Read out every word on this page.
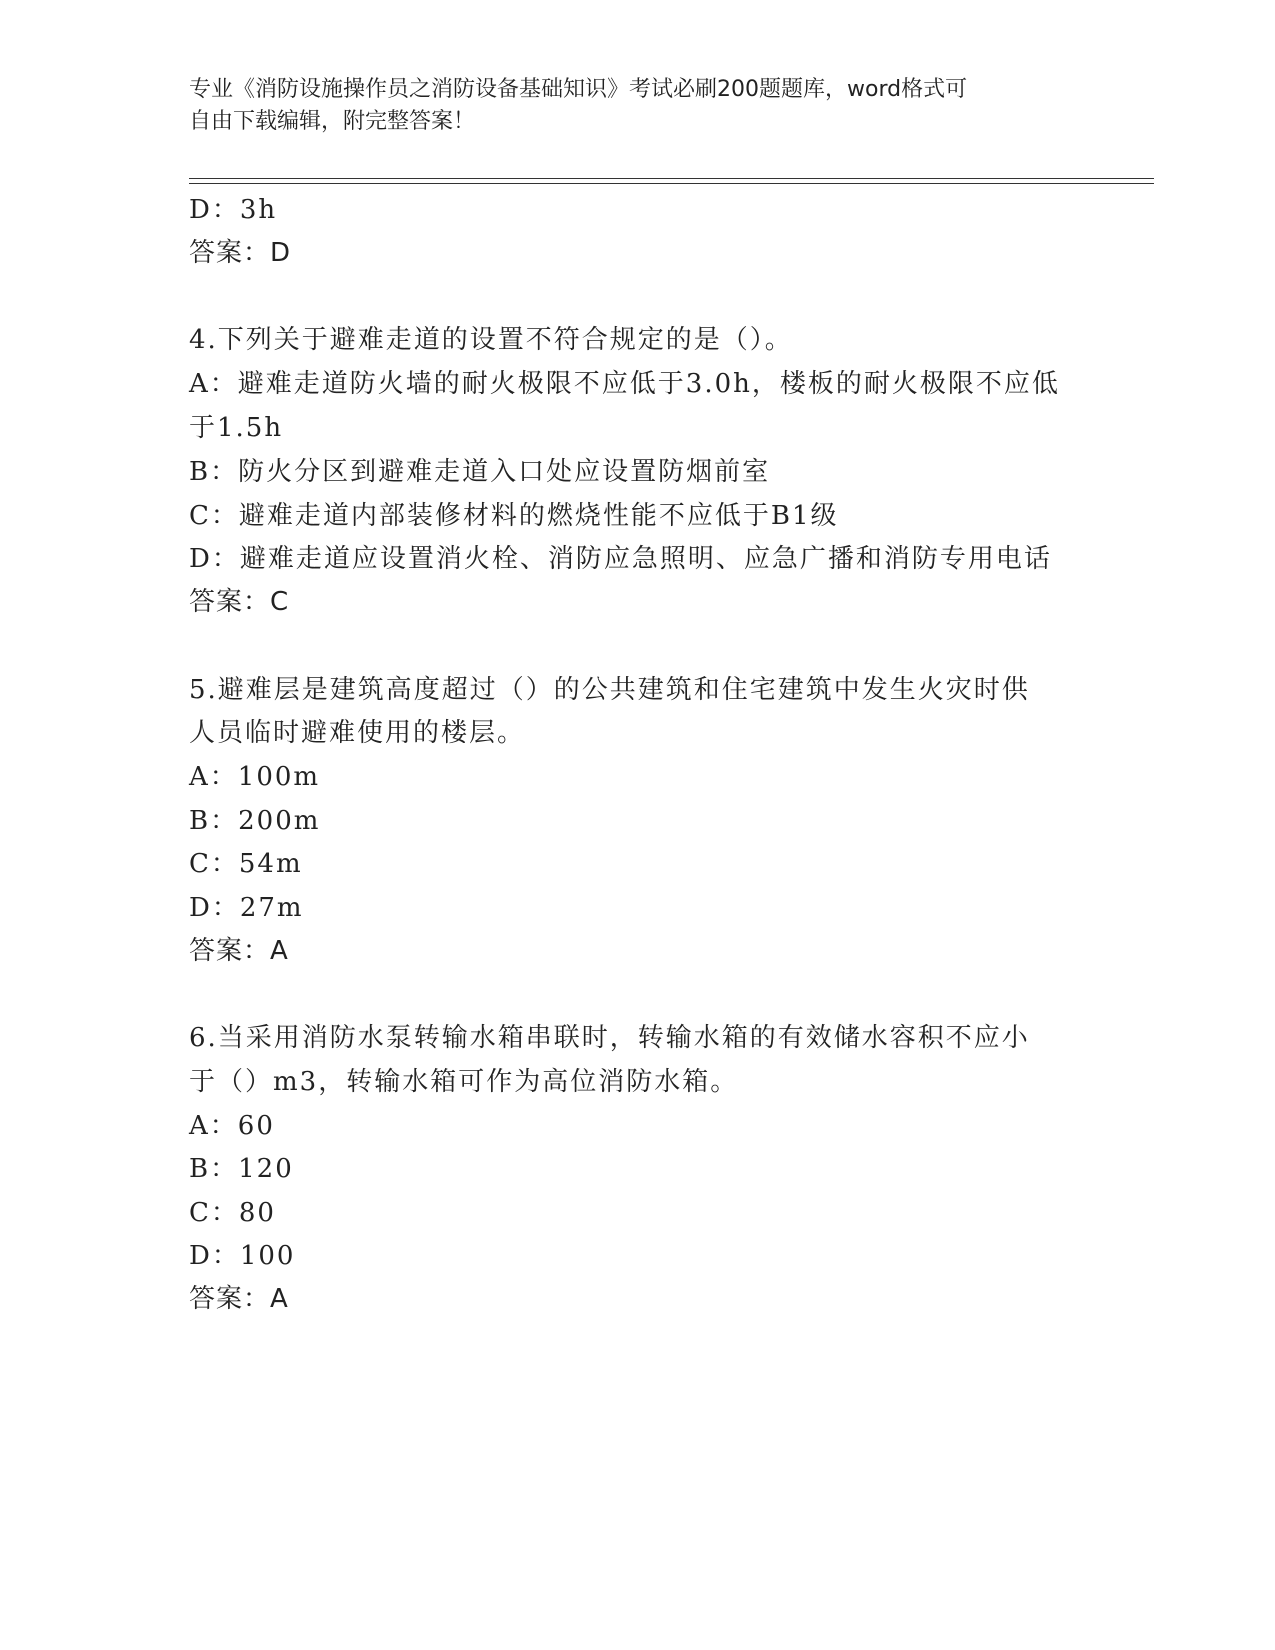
专业《消防设施操作员之消防设备基础知识》考试必刷200题题库，word格式可
自由下载编辑，附完整答案！
D：3h
答案：D
4.下列关于避难走道的设置不符合规定的是（）。
A：避难走道防火墙的耐火极限不应低于3.0h，楼板的耐火极限不应低
于1.5h
B：防火分区到避难走道入口处应设置防烟前室
C：避难走道内部装修材料的燃烧性能不应低于B1级
D：避难走道应设置消火栓、消防应急照明、应急广播和消防专用电话
答案：C
5.避难层是建筑高度超过（）的公共建筑和住宅建筑中发生火灾时供
人员临时避难使用的楼层。
A：100m
B：200m
C：54m
D：27m
答案：A
6.当采用消防水泵转输水箱串联时，转输水箱的有效储水容积不应小
于（）m3，转输水箱可作为高位消防水箱。
A：60
B：120
C：80
D：100
答案：A
